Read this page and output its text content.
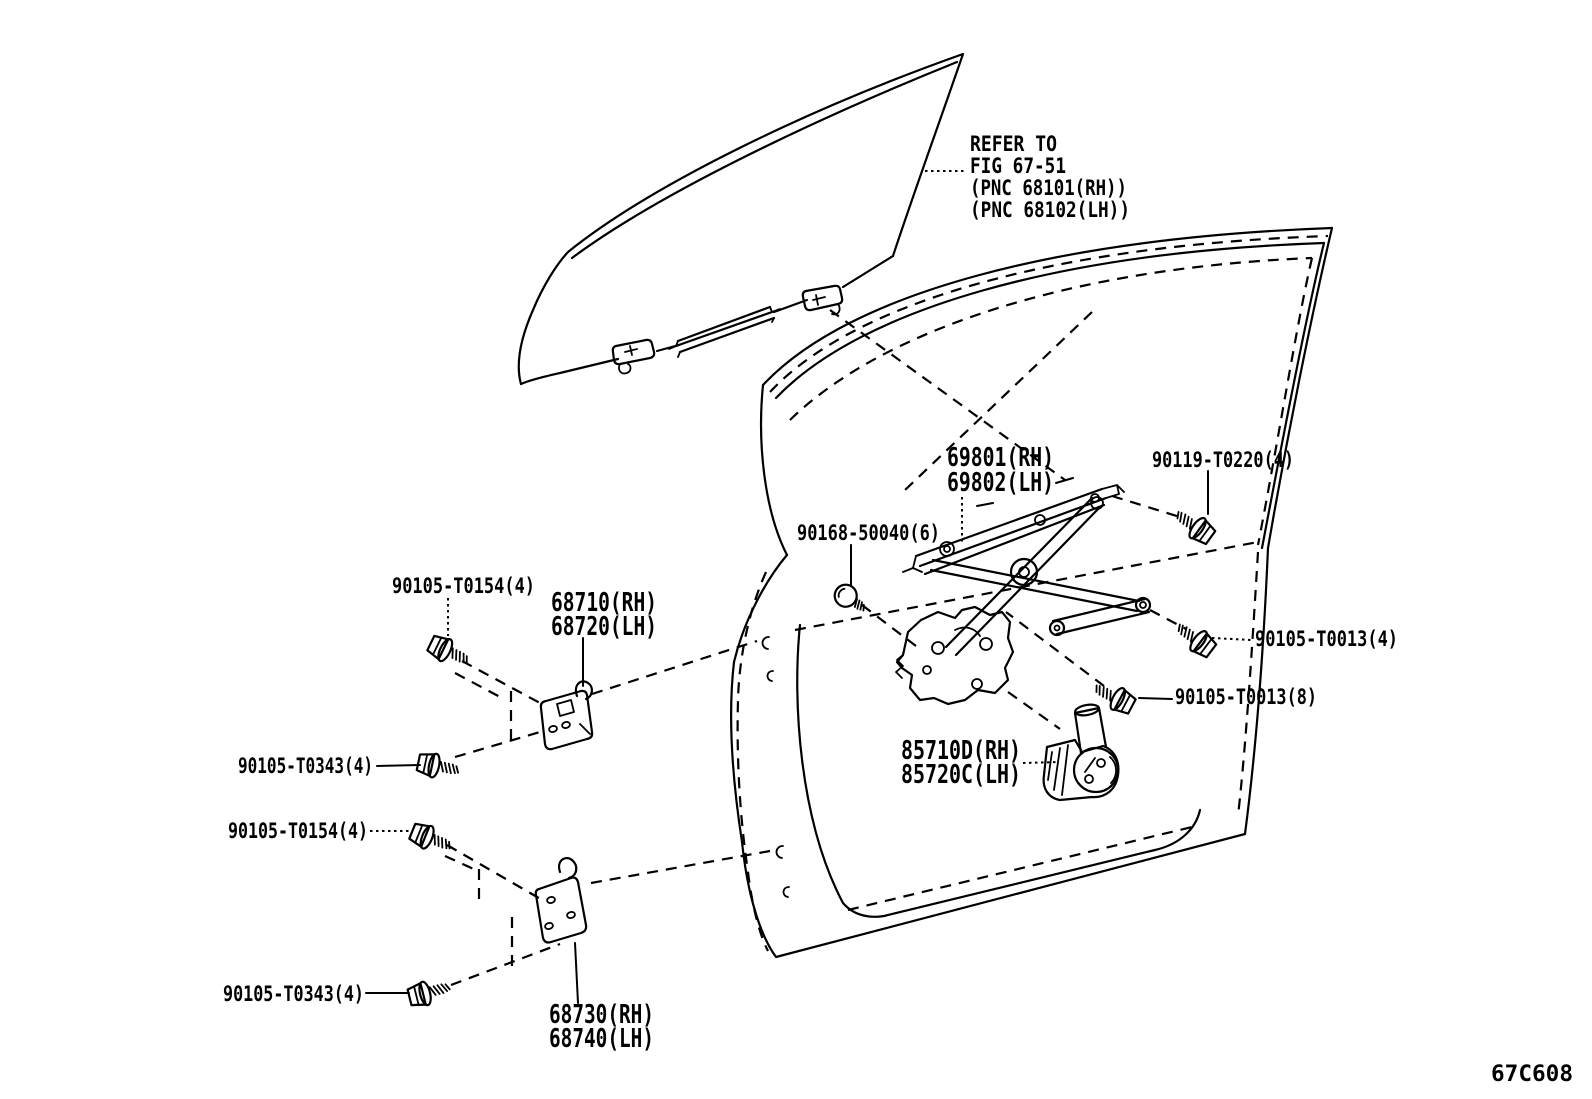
REFER TO
FIG 67-51
(PNC 68101(RH))
(PNC 68102(LH))
69801(RH)
69802(LH)
90119-T0220(4)
90168-50040(6)
90105-T0154(4)
68710(RH)
68720(LH)
90105-T0343(4)
90105-T0154(4)
90105-T0343(4)
68730(RH)
68740(LH)
90105-T0013(4)
90105-T0013(8)
85710D(RH)
85720C(LH)
67C608
